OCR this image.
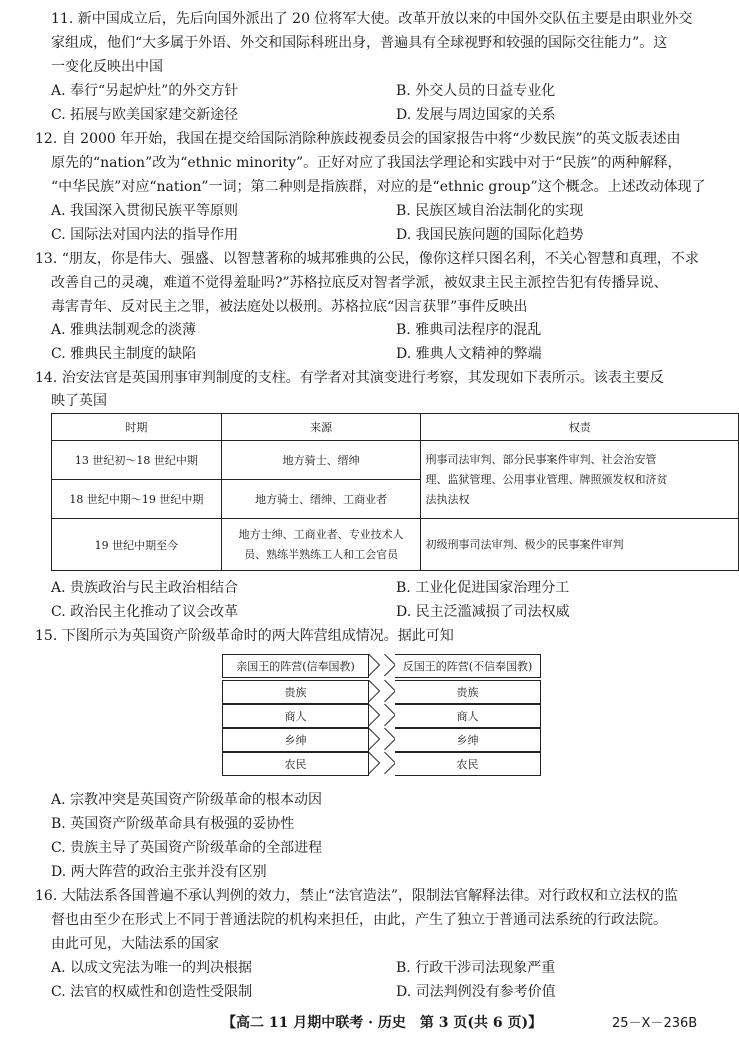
11. 新中国成立后，先后向国外派出了 20 位将军大使。改革开放以来的中国外交队伍主要是由职业外交
家组成，他们“大多属于外语、外交和国际科班出身，普遍具有全球视野和较强的国际交往能力”。这
一变化反映出中国
A. 奉行“另起炉灶”的外交方针	B. 外交人员的日益专业化
C. 拓展与欧美国家建交新途径	D. 发展与周边国家的关系
12. 自 2000 年开始，我国在提交给国际消除种族歧视委员会的国家报告中将“少数民族”的英文版表述由
原先的“nation”改为“ethnic minority”。正好对应了我国法学理论和实践中对于“民族”的两种解释，
“中华民族”对应“nation”一词；第二种则是指族群，对应的是“ethnic group”这个概念。上述改动体现了
A. 我国深入贯彻民族平等原则	B. 民族区域自治法制化的实现
C. 国际法对国内法的指导作用	D. 我国民族问题的国际化趋势
13. “朋友，你是伟大、强盛、以智慧著称的城邦雅典的公民，像你这样只图名利，不关心智慧和真理，不求
改善自己的灵魂，难道不觉得羞耻吗?”苏格拉底反对智者学派，被奴隶主民主派控告犯有传播异说、
毒害青年、反对民主之罪，被法庭处以极刑。苏格拉底“因言获罪”事件反映出
A. 雅典法制观念的淡薄	B. 雅典司法程序的混乱
C. 雅典民主制度的缺陷	D. 雅典人文精神的弊端
14. 治安法官是英国刑事审判制度的支柱。有学者对其演变进行考察，其发现如下表所示。该表主要反
映了英国
时期	来源	权责
13 世纪初～18 世纪中期	地方骑士、缙绅	刑事司法审判、部分民事案件审判、社会治安管
理、监狱管理、公用事业管理、牌照颁发权和济贫
法执法权

18 世纪中期～19 世纪中期	地方骑士、缙绅、工商业者	
19 世纪中期至今	地方士绅、工商业者、专业技术人
员、熟练半熟练工人和工会官员	初级刑事司法审判、极少的民事案件审判
A. 贵族政治与民主政治相结合	B. 工业化促进国家治理分工
C. 政治民主化推动了议会改革	D. 民主泛滥减损了司法权威
15. 下图所示为英国资产阶级革命时的两大阵营组成情况。据此可知
亲国王的阵营(信奉国教)
贵族
商人
乡绅
农民
反国王的阵营(不信奉国教)
贵族
商人
乡绅
农民
A. 宗教冲突是英国资产阶级革命的根本动因
B. 英国资产阶级革命具有极强的妥协性
C. 贵族主导了英国资产阶级革命的全部进程
D. 两大阵营的政治主张并没有区别
16. 大陆法系各国普遍不承认判例的效力，禁止“法官造法”，限制法官解释法律。对行政权和立法权的监
督也由至少在形式上不同于普通法院的机构来担任，由此，产生了独立于普通司法系统的行政法院。
由此可见，大陆法系的国家
A. 以成文宪法为唯一的判决根据	B. 行政干涉司法现象严重
C. 法官的权威性和创造性受限制	D. 司法判例没有参考价值
【高二 11 月期中联考 · 历史　第 3 页(共 6 页)】	25－X－236B
